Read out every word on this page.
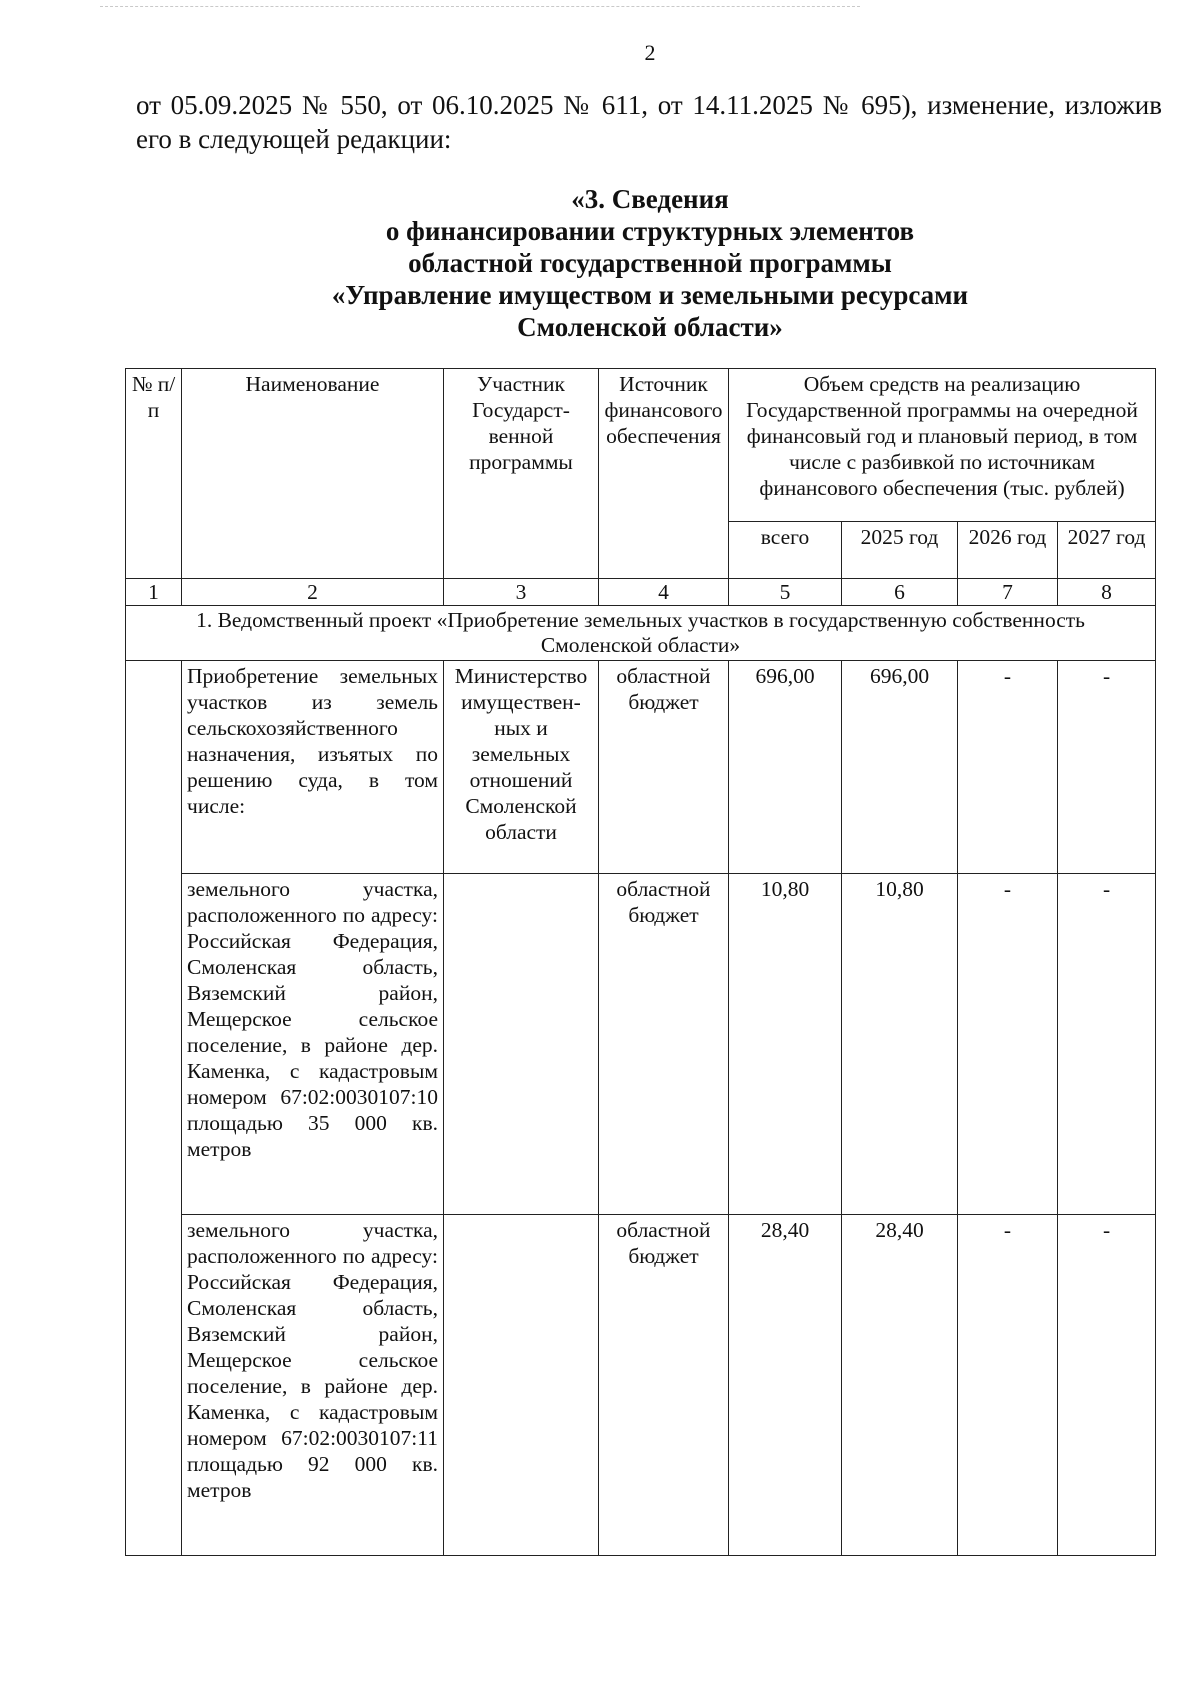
2
от 05.09.2025 № 550, от 06.10.2025 № 611, от 14.11.2025 № 695), изменение, изложив
его в следующей редакции:
«3. Сведения
о финансировании структурных элементов
областной государственной программы
«Управление имуществом и земельными ресурсами
Смоленской области»
№ п/п	Наименование	Участник Государст-венной программы	Источник финансового обеспечения	Объем средств на реализацию Государственной программы на очередной финансовый год и плановый период, в том числе с разбивкой по источникам финансового обеспечения (тыс. рублей)			
				всего	2025 год	2026 год	2027 год
1	2	3	4	5	6	7	8
1. Ведомственный проект «Приобретение земельных участков в государственную собственность Смоленской области»							
	Приобретение земельных участков из земель сельскохозяйственного назначения, изъятых по решению суда, в том числе:	Министерство имуществен-ных и земельных отношений Смоленской области	областной бюджет	696,00	696,00	-	-
	земельного участка, расположенного по адресу: Российская Федерация, Смоленская область, Вяземский район, Мещерское сельское поселение, в районе дер. Каменка, с кадастровым номером 67:02:0030107:10 площадью 35 000 кв. метров		областной бюджет	10,80	10,80	-	-
	земельного участка, расположенного по адресу: Российская Федерация, Смоленская область, Вяземский район, Мещерское сельское поселение, в районе дер. Каменка, с кадастровым номером 67:02:0030107:11 площадью 92 000 кв. метров		областной бюджет	28,40	28,40	-	-
